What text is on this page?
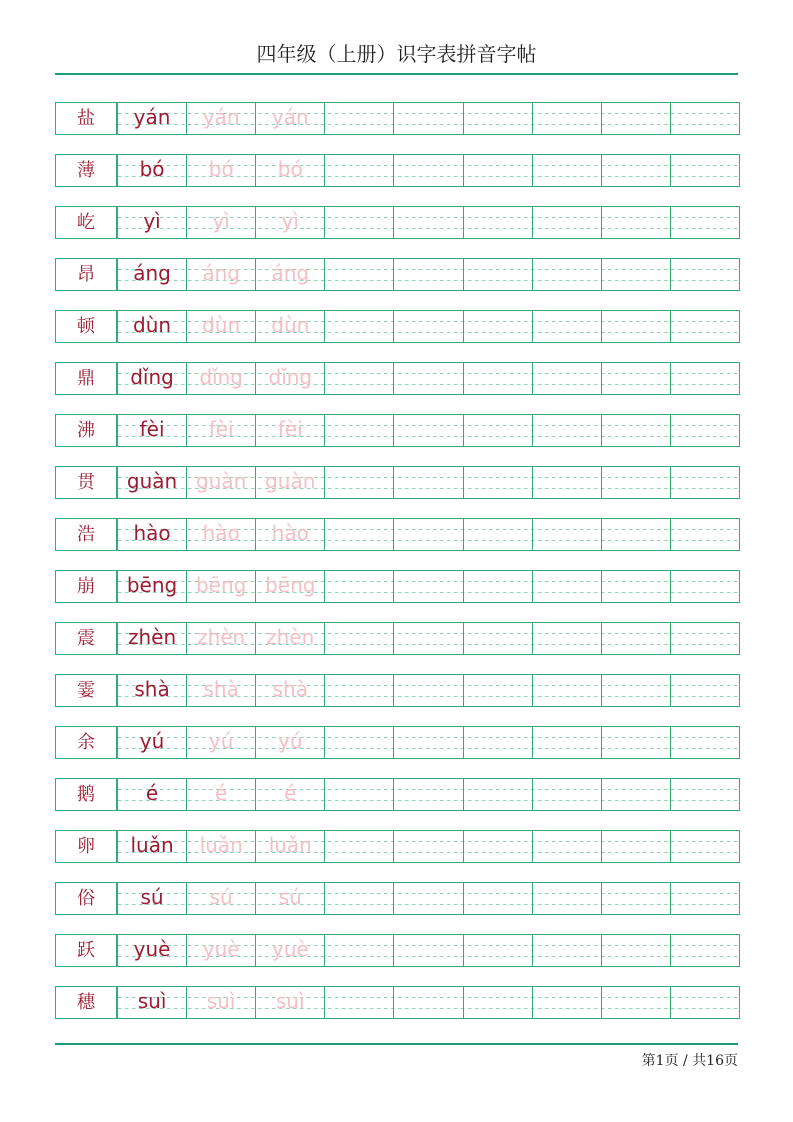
四年级（上册）识字表拼音字帖
盐	yán yán yán
薄	bó bó bó
屹	yì	yì	yì
昂	áng áng áng
顿	dùn dùn dùn
鼎	dǐng dǐng dǐng
沸	fèi fèi fèi
贯	guàn guàn guàn
浩	hào hào hào
崩	bēng bēng bēng
震	zhèn zhèn zhèn
霎	shà shà shà
余	yú yú yú
鹅	é	é	é
卵	luǎn luǎn luǎn
俗	sú sú sú
跃	yuè yuè yuè
穗	suì suì suì
第1页 / 共16页
